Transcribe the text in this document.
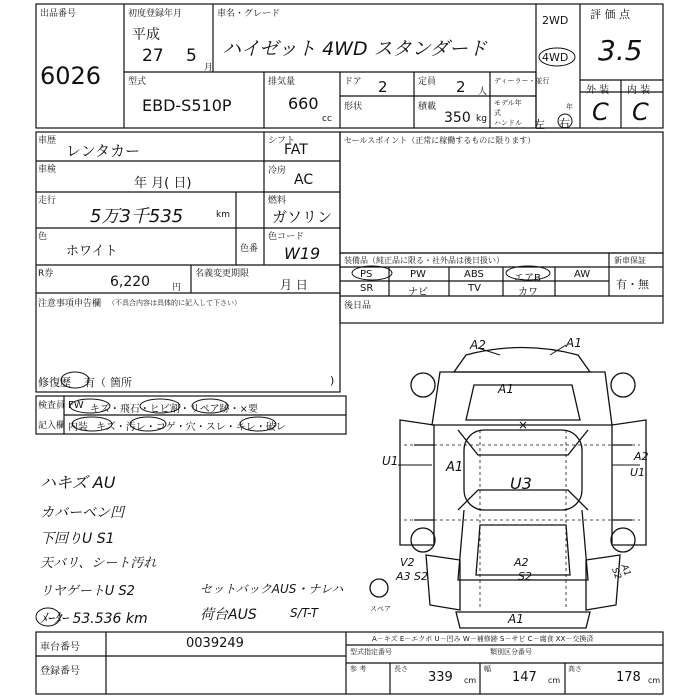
出品番号
6026
初度登録年月
平成
27 5
月
車名・グレード
ハイゼット 4WD スタンダード
2WD
4WD
評 価 点
3.5
型式
EBD-S510P
排気量
660
cc
ドア 2
形状
定員 2 人
積載
350 kg
ディーラー・並行
モデル年式
年
ハンドル 左 右
外 装 内 装
C C
車歴
レンタカー
シフト
FAT
車検
年 月( 日)
冷房
AC
走行
5万3千535	km
燃料
ガソリン
色
ホワイト	色番
色コード
W19
R券	6,220 円
名義変更期限
月 日
注意事項申告欄 （不具合内容は具体的に記入して下さい）
修復歴 有（ 箇所	)
セールスポイント（正常に稼働するものに限ります）
装備品（純正品に限る・社外品は後日扱い）
PS	PW	ABS	エアB	AW
SR	ナビ	TV	カワ
新車保証
有・無
後日品
検査員
記入欄
FW キズ・飛石・ヒビ割・リペア跡・×要
内装 キズ・汚レ・コゲ・穴・スレ・キレ・破レ
ハキズ AU
カバーベン凹
下回りU S1
天バリ、シート汚れ
リヤゲートU S2	セットバックAUS・ナレハ
荷台AUS	S/T-T
ﾒｰﾀｰ 53.536 km
スペア
A2	A1
A1
×
U1	A1
U3
A2
U1
V2
A3 S2
A2
S2	A1 S2
A1
車台番号	0039249
登録番号
A－キズ E－エクボ U－凹み W－補修跡 S－サビ C－腐食 XX－交換済
型式指定番号	類別区分番号
参 考	長さ
339 cm
幅
147 cm
高さ
178 cm
